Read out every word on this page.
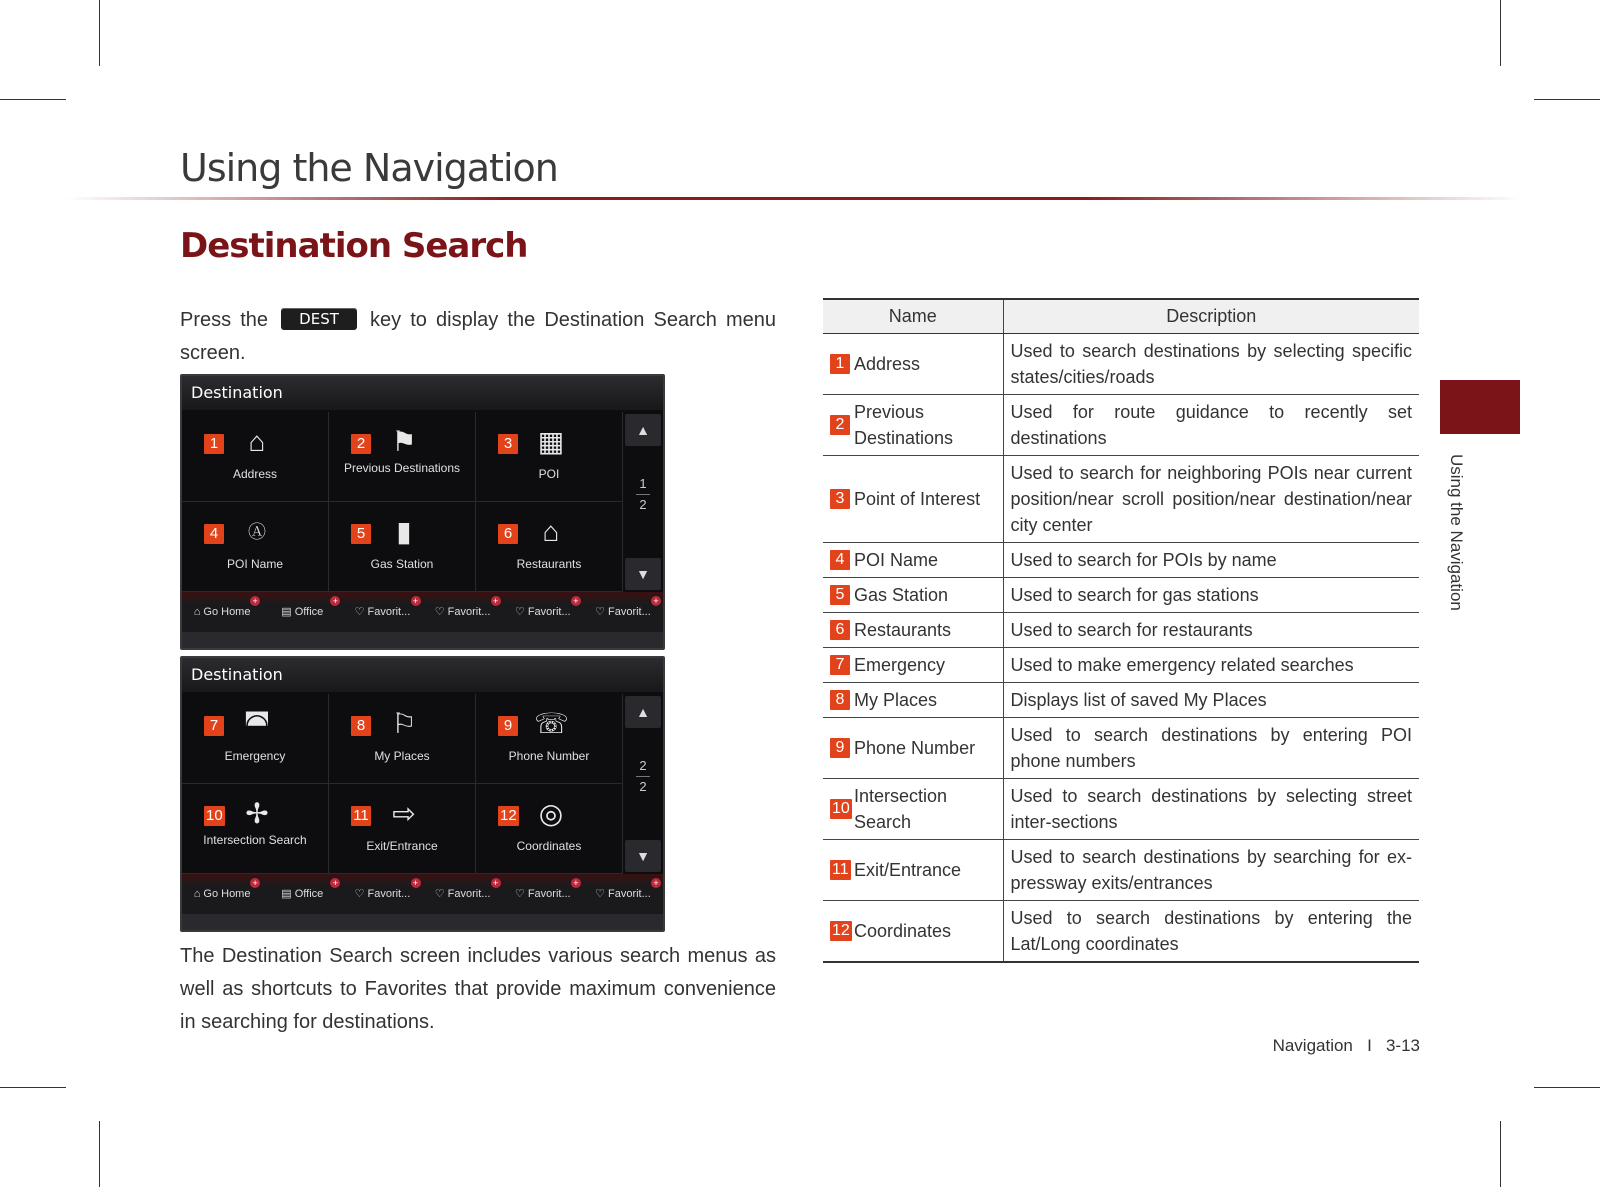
Using the Navigation
Destination Search

Press the DEST key to display the Destination Search menu screen.

Destination
1	⌂
Address
2 ⚑
Previous Destinations
3 ▦
POI
4	Ⓐ
POI Name
5	▮
Gas Station
6	⌂
Restaurants
▲
1
2
▼
⌂ Go Home
+
▤ Office
+
♡ Favorit...
+
♡ Favorit...
+
♡ Favorit...
+
♡ Favorit...
+
Destination
7 ◚
Emergency
8 ⚐
My Places
9 ☏
Phone Number
10 ✢
Intersection Search
11 ⇨
Exit/Entrance
12 ◎
Coordinates
▲
2
2
▼
⌂ Go Home
+
▤ Office
+
♡ Favorit...
+
♡ Favorit...
+
♡ Favorit...
+
♡ Favorit...
+

The Destination Search screen includes various search menus as well as shortcuts to Favorites that provide maximum convenience in searching for destinations.

Name	Description

1 Address	Used to search destinations by selecting specific states/cities/roads

2
Previous Destinations	Used for route guidance to recently set destinations

3 Point of Interest	Used to search for neighboring POIs near current position/near scroll position/near destination/near city center

4 POI Name	Used to search for POIs by name

5 Gas Station	Used to search for gas stations

6 Restaurants	Used to search for restaurants

7 Emergency	Used to make emergency related searches

8 My Places	Displays list of saved My Places

9 Phone Number	Used to search destinations by entering POI phone numbers

10
Intersection Search	Used to search destinations by selecting street inter-sections

11 Exit/Entrance	Used to search destinations by searching for ex-pressway exits/entrances

12 Coordinates	Used to search destinations by entering the Lat/Long coordinates
Using the Navigation
Navigation I 3-13
